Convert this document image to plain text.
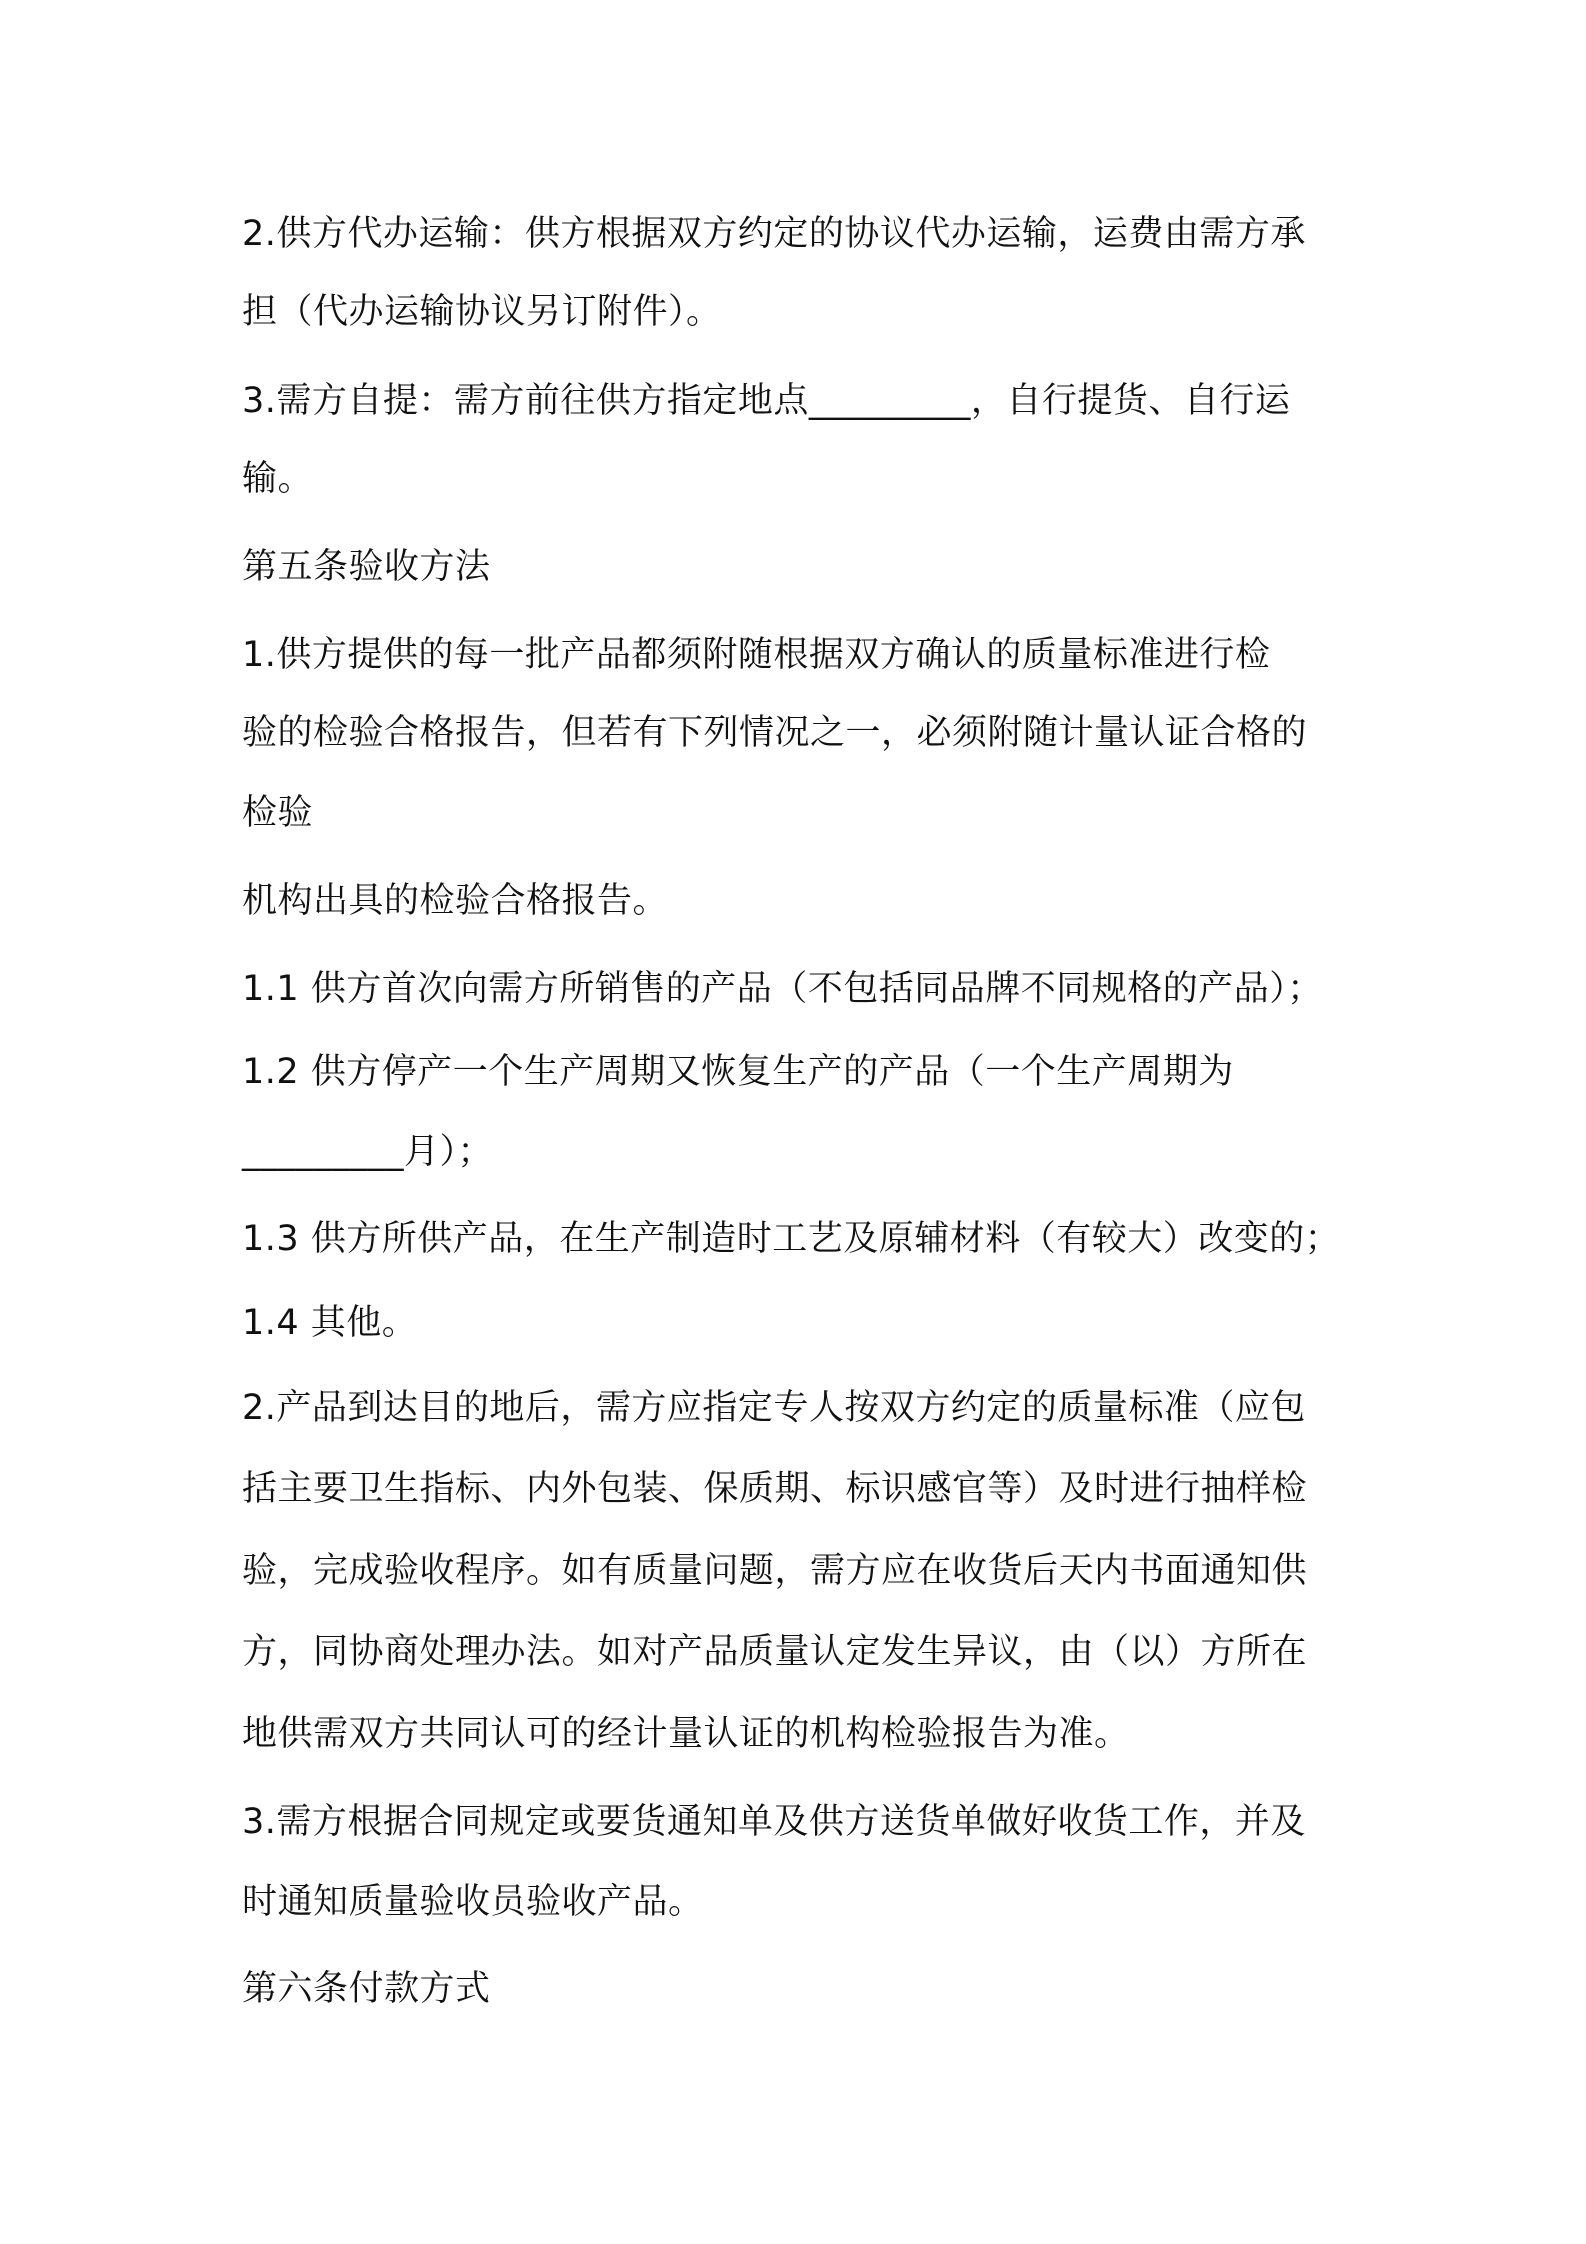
2.供方代办运输：供方根据双方约定的协议代办运输，运费由需方承
担（代办运输协议另订附件）。
3.需方自提：需方前往供方指定地点_________，自行提货、自行运
输。
第五条验收方法
1.供方提供的每一批产品都须附随根据双方确认的质量标准进行检
验的检验合格报告，但若有下列情况之一，必须附随计量认证合格的
检验
机构出具的检验合格报告。
1.1 供方首次向需方所销售的产品（不包括同品牌不同规格的产品）；
1.2 供方停产一个生产周期又恢复生产的产品（一个生产周期为
_________月）；
1.3 供方所供产品，在生产制造时工艺及原辅材料（有较大）改变的；
1.4 其他。
2.产品到达目的地后，需方应指定专人按双方约定的质量标准（应包
括主要卫生指标、内外包装、保质期、标识感官等）及时进行抽样检
验，完成验收程序。如有质量问题，需方应在收货后天内书面通知供
方，同协商处理办法。如对产品质量认定发生异议，由（以）方所在
地供需双方共同认可的经计量认证的机构检验报告为准。
3.需方根据合同规定或要货通知单及供方送货单做好收货工作，并及
时通知质量验收员验收产品。
第六条付款方式
